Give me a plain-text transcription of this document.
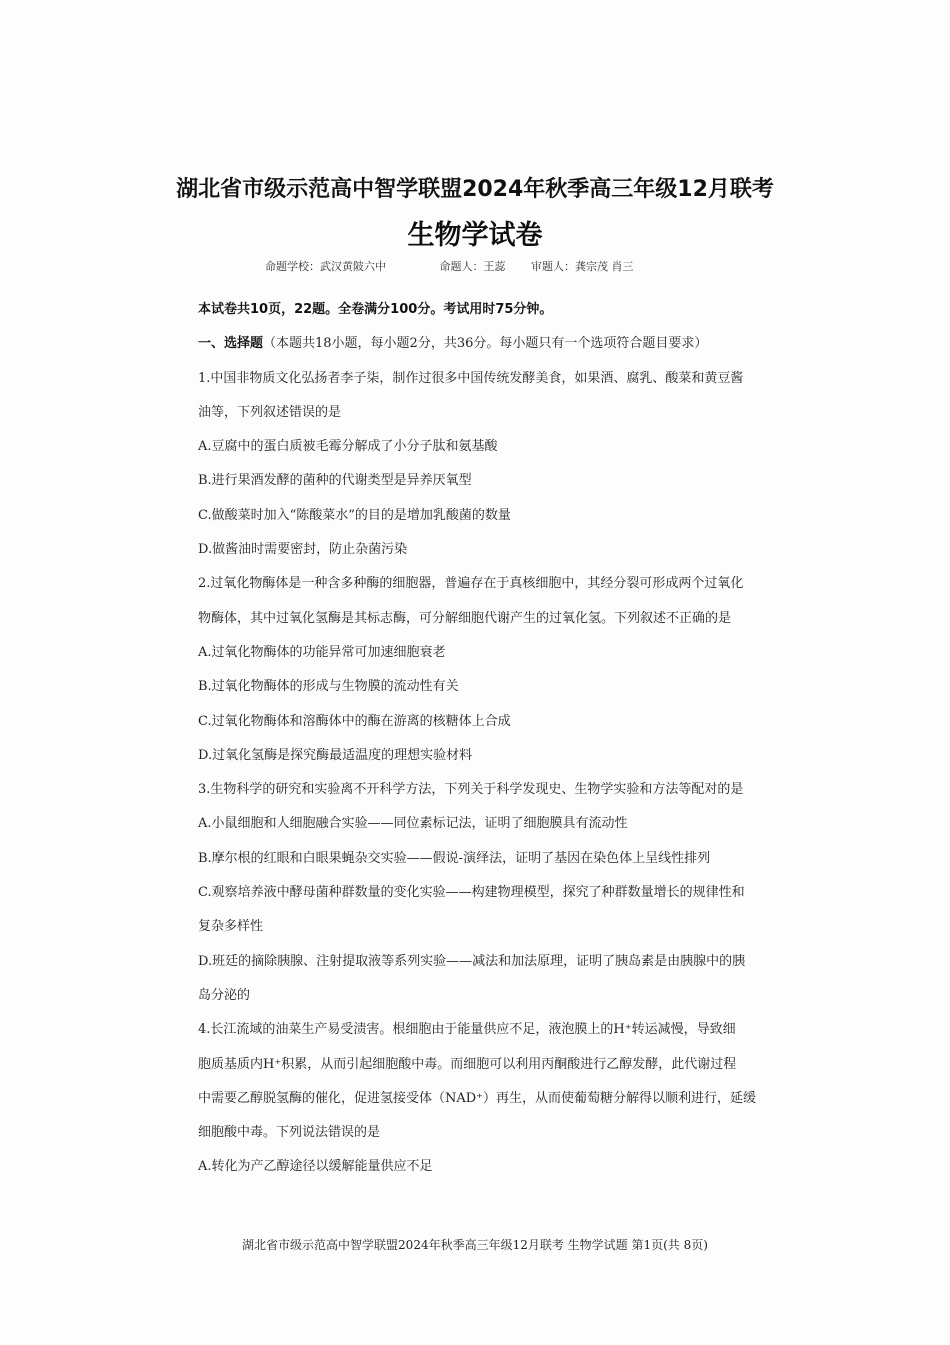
湖北省市级示范高中智学联盟2024年秋季高三年级12月联考
生物学试卷
命题学校：武汉黄陂六中	命题人：王蕊 审题人：龚宗茂 肖三

本试卷共10页，22题。全卷满分100分。考试用时75分钟。

一、选择题（本题共18小题，每小题2分，共36分。每小题只有一个选项符合题目要求）

1.中国非物质文化弘扬者李子柒，制作过很多中国传统发酵美食，如果酒、腐乳、酸菜和黄豆酱

油等，下列叙述错误的是

A.豆腐中的蛋白质被毛霉分解成了小分子肽和氨基酸

B.进行果酒发酵的菌种的代谢类型是异养厌氧型

C.做酸菜时加入“陈酸菜水”的目的是增加乳酸菌的数量

D.做酱油时需要密封，防止杂菌污染

2.过氧化物酶体是一种含多种酶的细胞器，普遍存在于真核细胞中，其经分裂可形成两个过氧化

物酶体，其中过氧化氢酶是其标志酶，可分解细胞代谢产生的过氧化氢。下列叙述不正确的是

A.过氧化物酶体的功能异常可加速细胞衰老

B.过氧化物酶体的形成与生物膜的流动性有关

C.过氧化物酶体和溶酶体中的酶在游离的核糖体上合成

D.过氧化氢酶是探究酶最适温度的理想实验材料

3.生物科学的研究和实验离不开科学方法，下列关于科学发现史、生物学实验和方法等配对的是

A.小鼠细胞和人细胞融合实验——同位素标记法，证明了细胞膜具有流动性

B.摩尔根的红眼和白眼果蝇杂交实验——假说-演绎法，证明了基因在染色体上呈线性排列

C.观察培养液中酵母菌种群数量的变化实验——构建物理模型，探究了种群数量增长的规律性和

复杂多样性

D.班廷的摘除胰腺、注射提取液等系列实验——减法和加法原理，证明了胰岛素是由胰腺中的胰

岛分泌的

4.长江流域的油菜生产易受渍害。根细胞由于能量供应不足，液泡膜上的H⁺转运减慢，导致细

胞质基质内H⁺积累，从而引起细胞酸中毒。而细胞可以利用丙酮酸进行乙醇发酵，此代谢过程

中需要乙醇脱氢酶的催化，促进氢接受体（NAD⁺）再生，从而使葡萄糖分解得以顺利进行，延缓

细胞酸中毒。下列说法错误的是

A.转化为产乙醇途径以缓解能量供应不足

湖北省市级示范高中智学联盟2024年秋季高三年级12月联考 生物学试题 第1页(共 8页)
